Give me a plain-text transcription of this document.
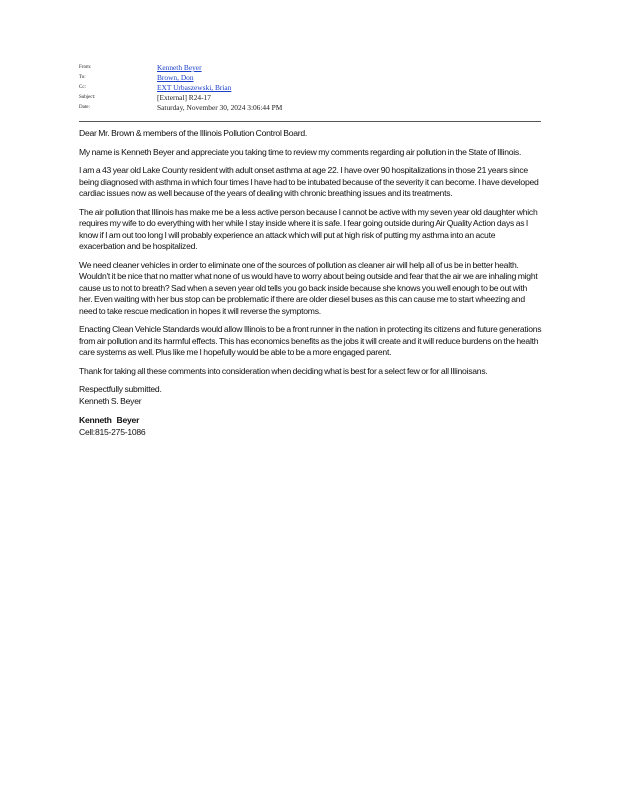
From:	Kenneth Beyer
To:	Brown, Don
Cc:	EXT Urbaszewski, Brian
Subject:	[External] R24-17
Date:	Saturday, November 30, 2024 3:06:44 PM

Dear Mr. Brown & members of the Illinois Pollution Control Board.

My name is Kenneth Beyer and appreciate you taking time to review my comments regarding air pollution in the State of Illinois.

I am a 43 year old Lake County resident with adult onset asthma at age 22. I have over 90 hospitalizations in those 21 years since being diagnosed with asthma in which four times I have had to be intubated because of the severity it can become. I have developed cardiac issues now as well because of the years of dealing with chronic breathing issues and its treatments.

The air pollution that Illinois has make me be a less active person because I cannot be active with my seven year old daughter which requires my wife to do everything with her while I stay inside where it is safe. I fear going outside during Air Quality Action days as I know if I am out too long I will probably experience an attack which will put at high risk of putting my asthma into an acute exacerbation and be hospitalized.

We need cleaner vehicles in order to eliminate one of the sources of pollution as cleaner air will help all of us be in better health. Wouldn't it be nice that no matter what none of us would have to worry about being outside and fear that the air we are inhaling might cause us to not to breath? Sad when a seven year old tells you go back inside because she knows you well enough to be out with her. Even waiting with her bus stop can be problematic if there are older diesel buses as this can cause me to start wheezing and need to take rescue medication in hopes it will reverse the symptoms.

Enacting Clean Vehicle Standards would allow Illinois to be a front runner in the nation in protecting its citizens and future generations from air pollution and its harmful effects. This has economics benefits as the jobs it will create and it will reduce burdens on the health care systems as well. Plus like me I hopefully would be able to be a more engaged parent.

Thank for taking all these comments into consideration when deciding what is best for a select few or for all Illinoisans.

Respectfully submitted.

Kenneth S. Beyer

Kenneth   Beyer
Cell:815-275-1086
